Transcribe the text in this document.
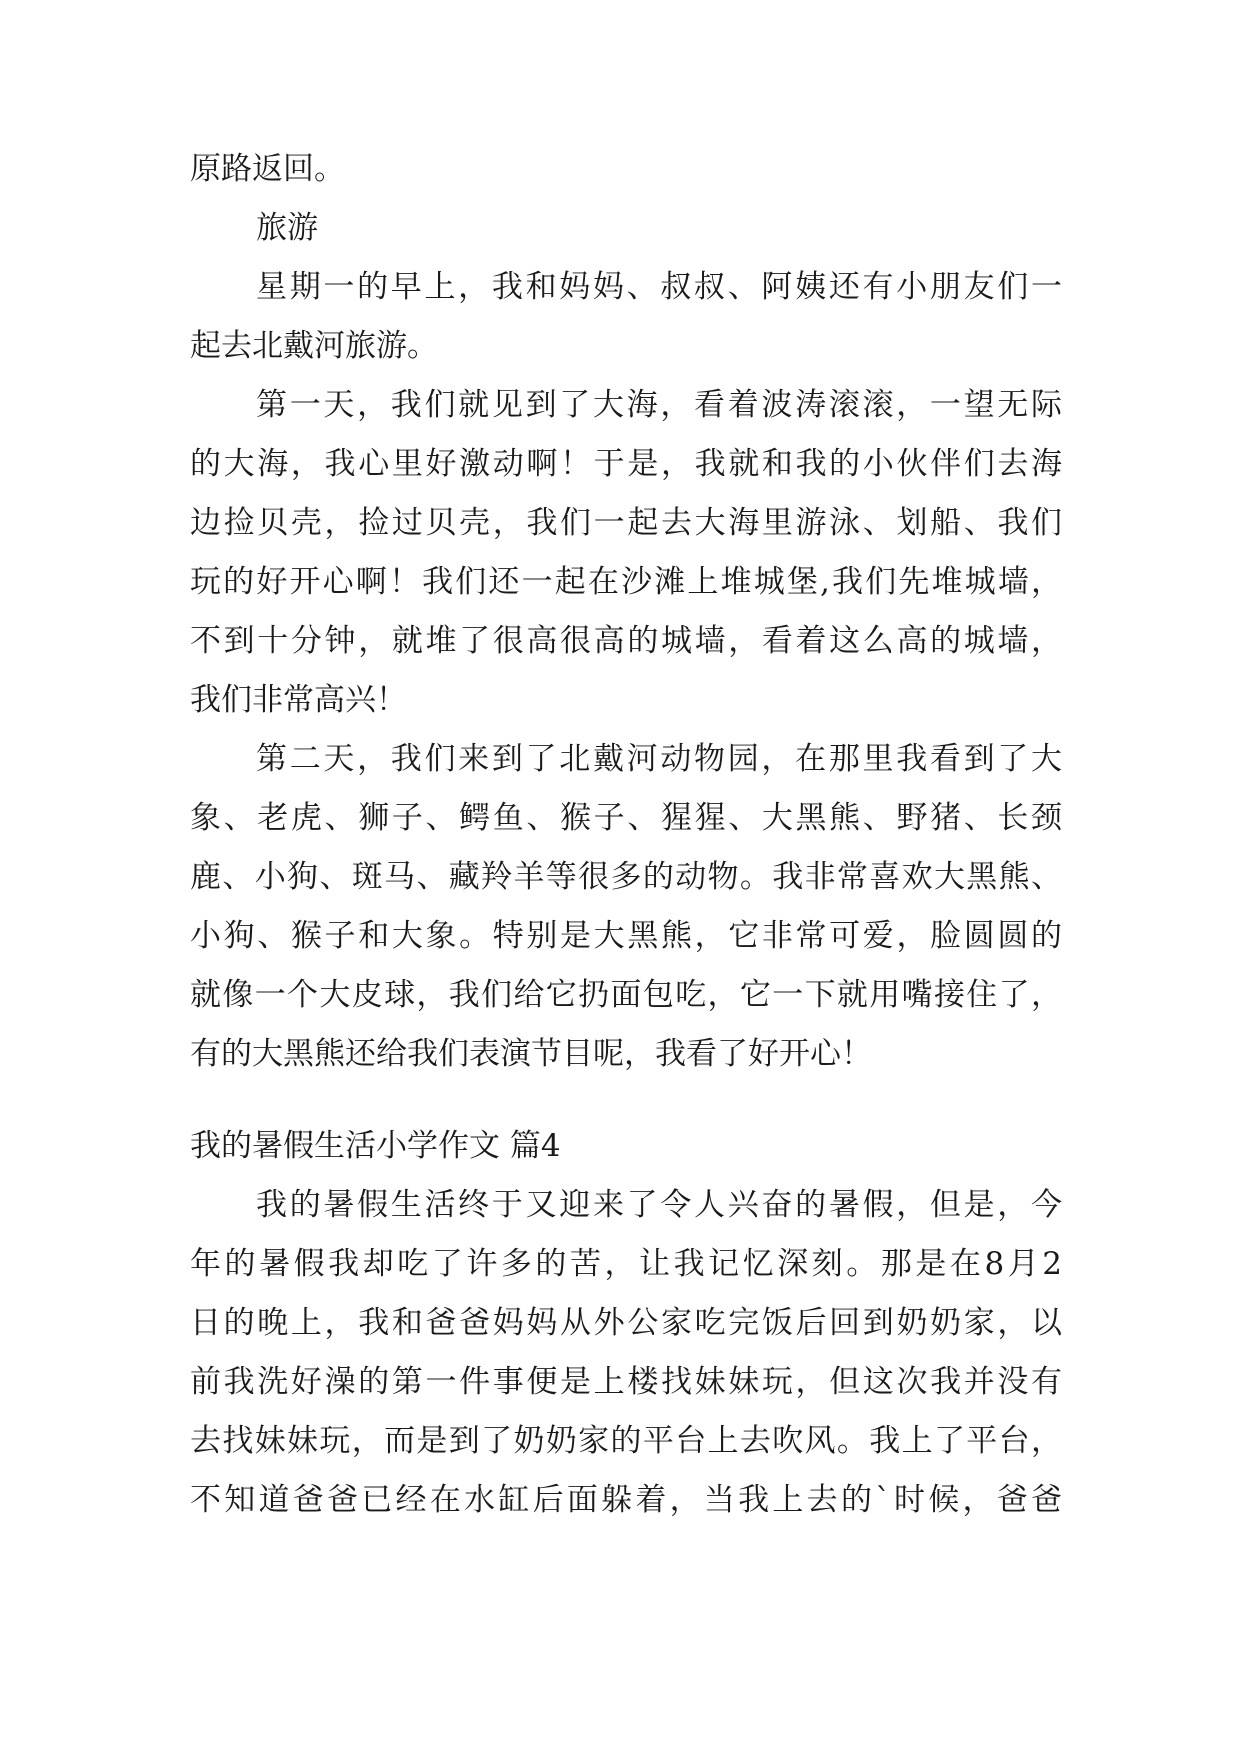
原路返回。
旅游
星期一的早上，我和妈妈、叔叔、阿姨还有小朋友们一
起去北戴河旅游。
第一天，我们就见到了大海，看着波涛滚滚，一望无际
的大海，我心里好激动啊！于是，我就和我的小伙伴们去海
边捡贝壳，捡过贝壳，我们一起去大海里游泳、划船、我们
玩的好开心啊！我们还一起在沙滩上堆城堡,我们先堆城墙，
不到十分钟，就堆了很高很高的城墙，看着这么高的城墙，
我们非常高兴！
第二天，我们来到了北戴河动物园，在那里我看到了大
象、老虎、狮子、鳄鱼、猴子、猩猩、大黑熊、野猪、长颈
鹿、小狗、斑马、藏羚羊等很多的动物。我非常喜欢大黑熊、
小狗、猴子和大象。特别是大黑熊，它非常可爱，脸圆圆的
就像一个大皮球，我们给它扔面包吃，它一下就用嘴接住了，
有的大黑熊还给我们表演节目呢，我看了好开心！
我的暑假生活小学作文 篇4
我的暑假生活终于又迎来了令人兴奋的暑假，但是，今
年的暑假我却吃了许多的苦，让我记忆深刻。那是在8月2
日的晚上，我和爸爸妈妈从外公家吃完饭后回到奶奶家，以
前我洗好澡的第一件事便是上楼找妹妹玩，但这次我并没有
去找妹妹玩，而是到了奶奶家的平台上去吹风。我上了平台，
不知道爸爸已经在水缸后面躲着，当我上去的`时候，爸爸
